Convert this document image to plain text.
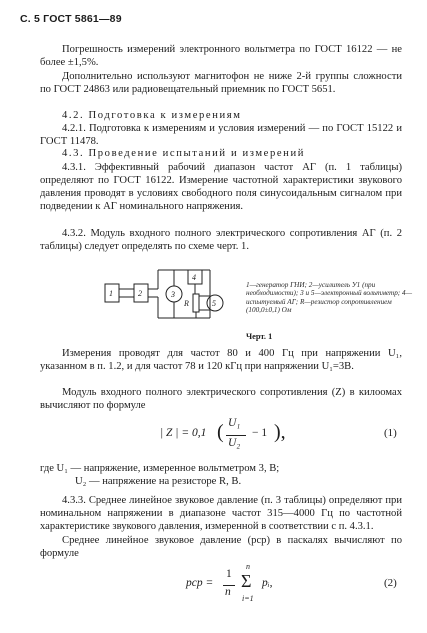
С. 5 ГОСТ 5861—89
Погрешность измерений электронного вольтметра по ГОСТ 16122 — не более ±1,5%.
Дополнительно используют магнитофон не ниже 2-й группы сложности по ГОСТ 24863 или радиовещательный приемник по ГОСТ 5651.
4.2. Подготовка к измерениям
4.2.1. Подготовка к измерениям и условия измерений — по ГОСТ 15122 и ГОСТ 11478.
4.3. Проведение испытаний и измерений
4.3.1. Эффективный рабочий диапазон частот АГ (п. 1 таблицы) определяют по ГОСТ 16122. Измерение частотной характеристики звукового давления проводят в условиях свободного поля синусоидальным сигналом при подведении к АГ номинального напряжения.
4.3.2. Модуль входного полного электрического сопротивления АГ (п. 2 таблицы) следует определять по схеме черт. 1.
1	2	3
4
5
R
1—генератор ГНИ; 2—усилитель У1 (при необходимости); 3 и 5—электронный вольтметр; 4—испытуемый АГ; R—резистор сопротивлением (100,0±0,1) Ом
Черт. 1
Измерения проводят для частот 80 и 400 Гц при напряжении U₁, указанном в п. 1.2, и для частот 78 и 120 кГц при напряжении U₁=3В.
Модуль входного полного электрического сопротивления (Z) в килоомах вычисляют по формуле
| Z | = 0,1 ( U₁
U₂
− 1 ),	(1)
где U₁ — напряжение, измеренное вольтметром 3, В;
U₂ — напряжение на резисторе R, В.
4.3.3. Среднее линейное звуковое давление (п. 3 таблицы) определяют при номинальном напряжении в диапазоне частот 315—4000 Гц по частотной характеристике звукового давления, измеренной в соответствии с п. 4.3.1.
Среднее линейное звуковое давление (pср) в паскалях вычисляют по формуле
pср =
1
n
n
Σ
i=1
pᵢ,	(2)
